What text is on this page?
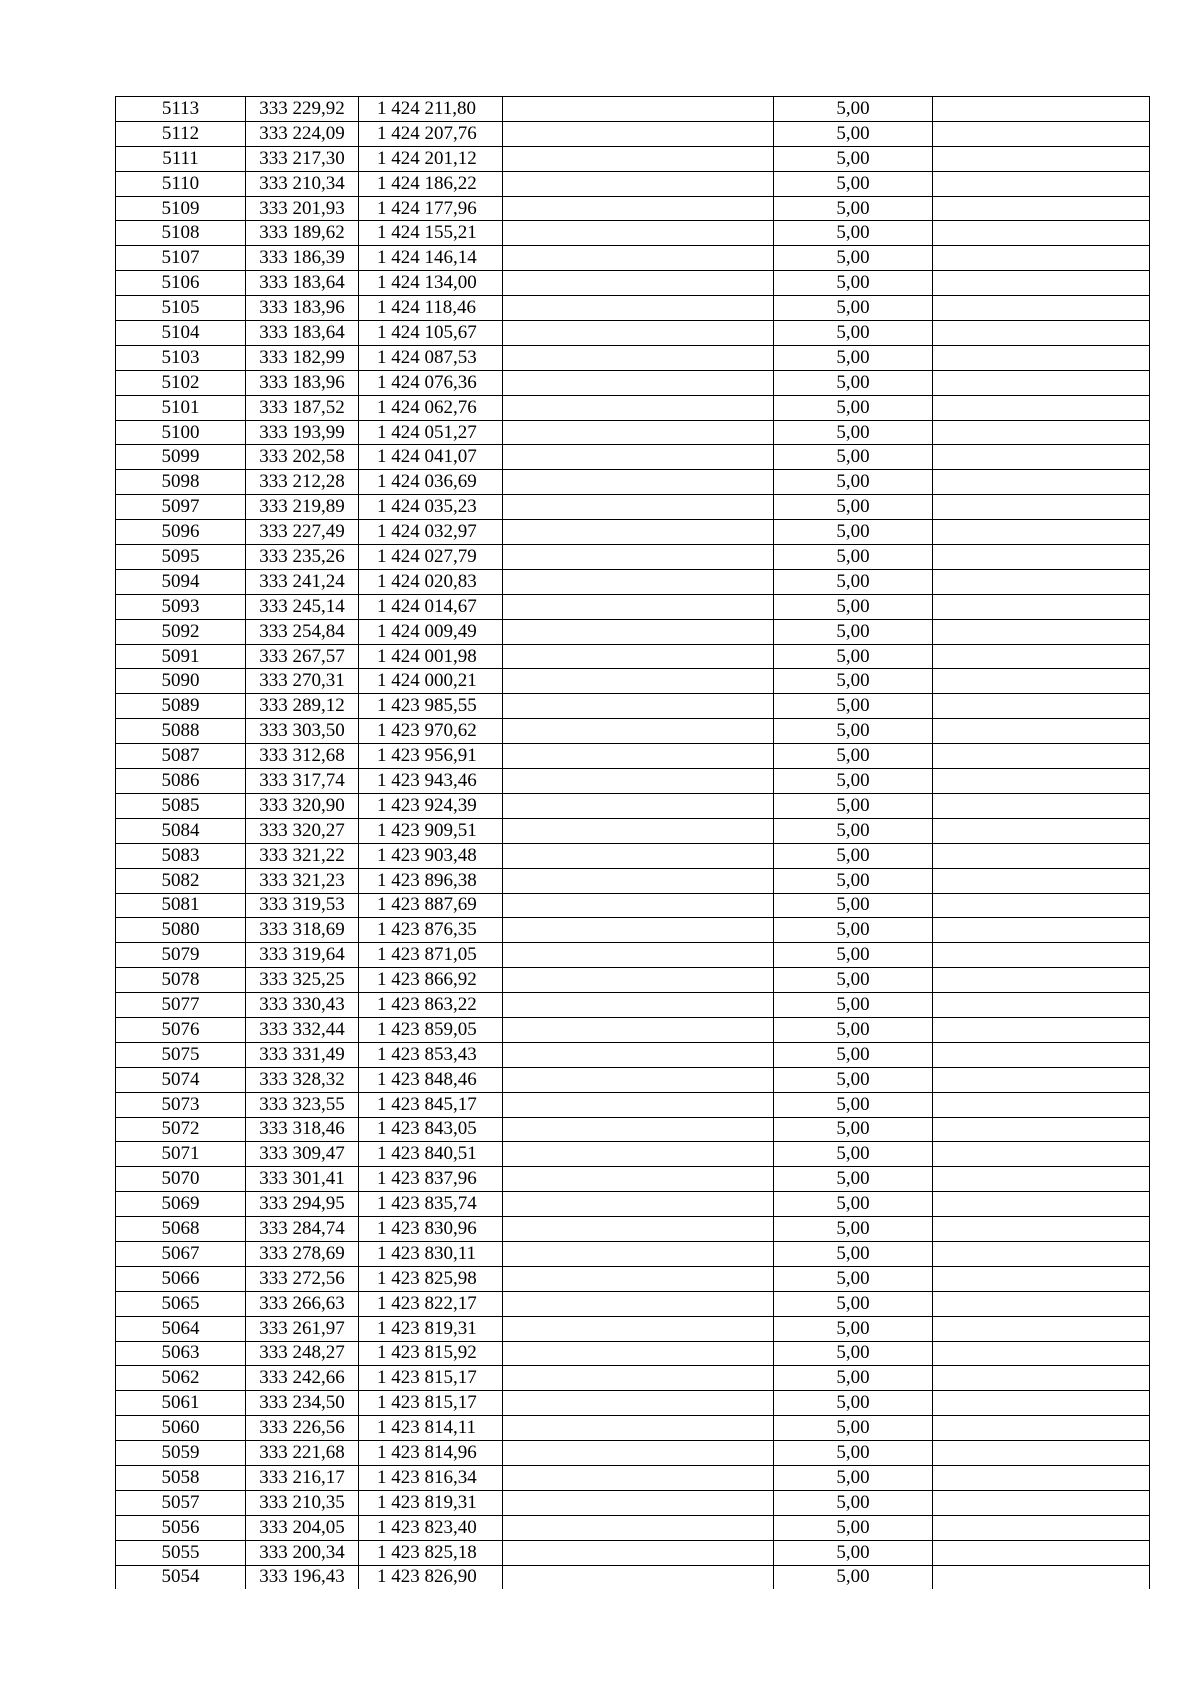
5113	333 229,92	1 424 211,80		5,00	
5112	333 224,09	1 424 207,76		5,00	
5111	333 217,30	1 424 201,12		5,00	
5110	333 210,34	1 424 186,22		5,00	
5109	333 201,93	1 424 177,96		5,00	
5108	333 189,62	1 424 155,21		5,00	
5107	333 186,39	1 424 146,14		5,00	
5106	333 183,64	1 424 134,00		5,00	
5105	333 183,96	1 424 118,46		5,00	
5104	333 183,64	1 424 105,67		5,00	
5103	333 182,99	1 424 087,53		5,00	
5102	333 183,96	1 424 076,36		5,00	
5101	333 187,52	1 424 062,76		5,00	
5100	333 193,99	1 424 051,27		5,00	
5099	333 202,58	1 424 041,07		5,00	
5098	333 212,28	1 424 036,69		5,00	
5097	333 219,89	1 424 035,23		5,00	
5096	333 227,49	1 424 032,97		5,00	
5095	333 235,26	1 424 027,79		5,00	
5094	333 241,24	1 424 020,83		5,00	
5093	333 245,14	1 424 014,67		5,00	
5092	333 254,84	1 424 009,49		5,00	
5091	333 267,57	1 424 001,98		5,00	
5090	333 270,31	1 424 000,21		5,00	
5089	333 289,12	1 423 985,55		5,00	
5088	333 303,50	1 423 970,62		5,00	
5087	333 312,68	1 423 956,91		5,00	
5086	333 317,74	1 423 943,46		5,00	
5085	333 320,90	1 423 924,39		5,00	
5084	333 320,27	1 423 909,51		5,00	
5083	333 321,22	1 423 903,48		5,00	
5082	333 321,23	1 423 896,38		5,00	
5081	333 319,53	1 423 887,69		5,00	
5080	333 318,69	1 423 876,35		5,00	
5079	333 319,64	1 423 871,05		5,00	
5078	333 325,25	1 423 866,92		5,00	
5077	333 330,43	1 423 863,22		5,00	
5076	333 332,44	1 423 859,05		5,00	
5075	333 331,49	1 423 853,43		5,00	
5074	333 328,32	1 423 848,46		5,00	
5073	333 323,55	1 423 845,17		5,00	
5072	333 318,46	1 423 843,05		5,00	
5071	333 309,47	1 423 840,51		5,00	
5070	333 301,41	1 423 837,96		5,00	
5069	333 294,95	1 423 835,74		5,00	
5068	333 284,74	1 423 830,96		5,00	
5067	333 278,69	1 423 830,11		5,00	
5066	333 272,56	1 423 825,98		5,00	
5065	333 266,63	1 423 822,17		5,00	
5064	333 261,97	1 423 819,31		5,00	
5063	333 248,27	1 423 815,92		5,00	
5062	333 242,66	1 423 815,17		5,00	
5061	333 234,50	1 423 815,17		5,00	
5060	333 226,56	1 423 814,11		5,00	
5059	333 221,68	1 423 814,96		5,00	
5058	333 216,17	1 423 816,34		5,00	
5057	333 210,35	1 423 819,31		5,00	
5056	333 204,05	1 423 823,40		5,00	
5055	333 200,34	1 423 825,18		5,00	
5054	333 196,43	1 423 826,90		5,00	
